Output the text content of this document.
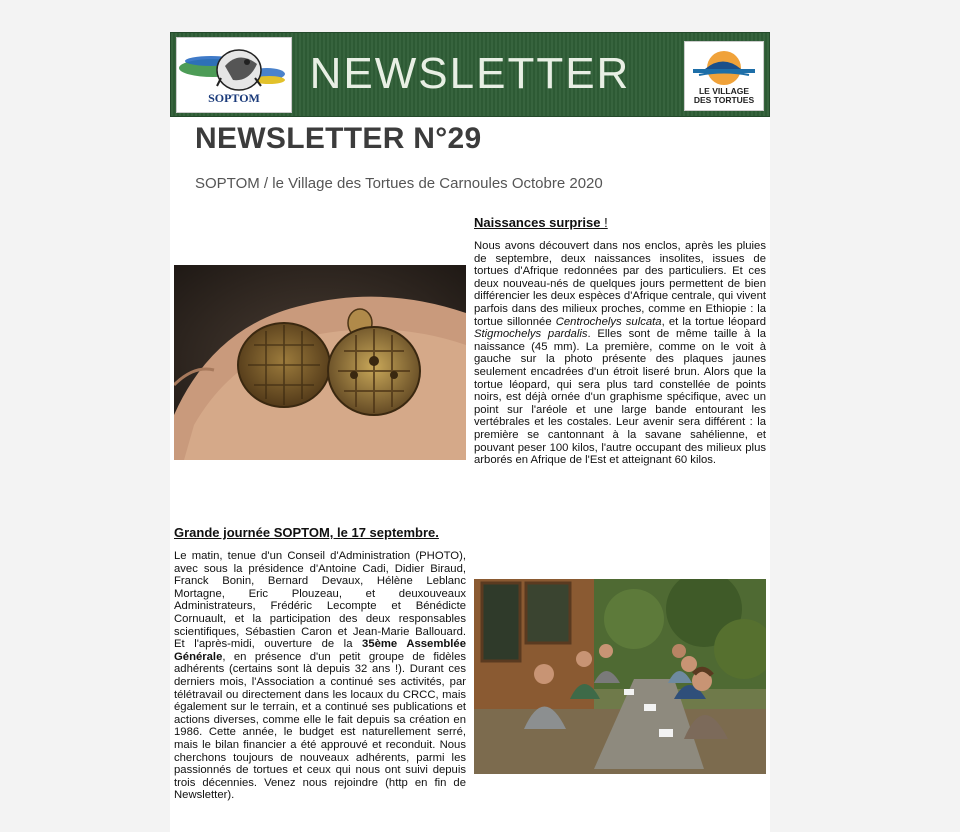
SOPTOM	NEWSLETTER	LE VILLAGE
DES TORTUES
NEWSLETTER N°29
SOPTOM / le Village des Tortues de Carnoules Octobre 2020
Naissances surprise !

Nous avons découvert dans nos enclos, après les pluies de septembre, deux naissances insolites, issues de tortues d'Afrique redonnées par des particuliers. Et ces deux nouveau-nés de quelques jours permettent de bien différencier les deux espèces d'Afrique centrale, qui vivent parfois dans des milieux proches, comme en Ethiopie : la tortue sillonnée Centrochelys sulcata, et la tortue léopard Stigmochelys pardalis. Elles sont de même taille à la naissance (45 mm). La première, comme on le voit à gauche sur la photo présente des plaques jaunes seulement encadrées d'un étroit liseré brun. Alors que la tortue léopard, qui sera plus tard constellée de points noirs, est déjà ornée d'un graphisme spécifique, avec un point sur l'aréole et une large bande entourant les vertébrales et les costales. Leur avenir sera différent : la première se cantonnant à la savane sahélienne, et pouvant peser 100 kilos, l'autre occupant des milieux plus arborés en Afrique de l'Est et atteignant 60 kilos.

Grande journée SOPTOM, le 17 septembre.

Le matin, tenue d'un Conseil d'Administration (PHOTO), avec sous la présidence d'Antoine Cadi, Didier Biraud, Franck Bonin, Bernard Devaux, Hélène Leblanc Mortagne, Eric Plouzeau, et deuxouveaux Administrateurs, Frédéric Lecompte et Bénédicte Cornuault, et la participation des deux responsables scientifiques, Sébastien Caron et Jean-Marie Ballouard. Et l'après-midi, ouverture de la 35ème Assemblée Générale, en présence d'un petit groupe de fidèles adhérents (certains sont là depuis 32 ans !). Durant ces derniers mois, l'Association a continué ses activités, par télétravail ou directement dans les locaux du CRCC, mais également sur le terrain, et a continué ses publications et actions diverses, comme elle le fait depuis sa création en 1986. Cette année, le budget est naturellement serré, mais le bilan financier a été approuvé et reconduit. Nous cherchons toujours de nouveaux adhérents, parmi les passionnés de tortues et ceux qui nous ont suivi depuis trois décennies. Venez nous rejoindre (http en fin de Newsletter).
